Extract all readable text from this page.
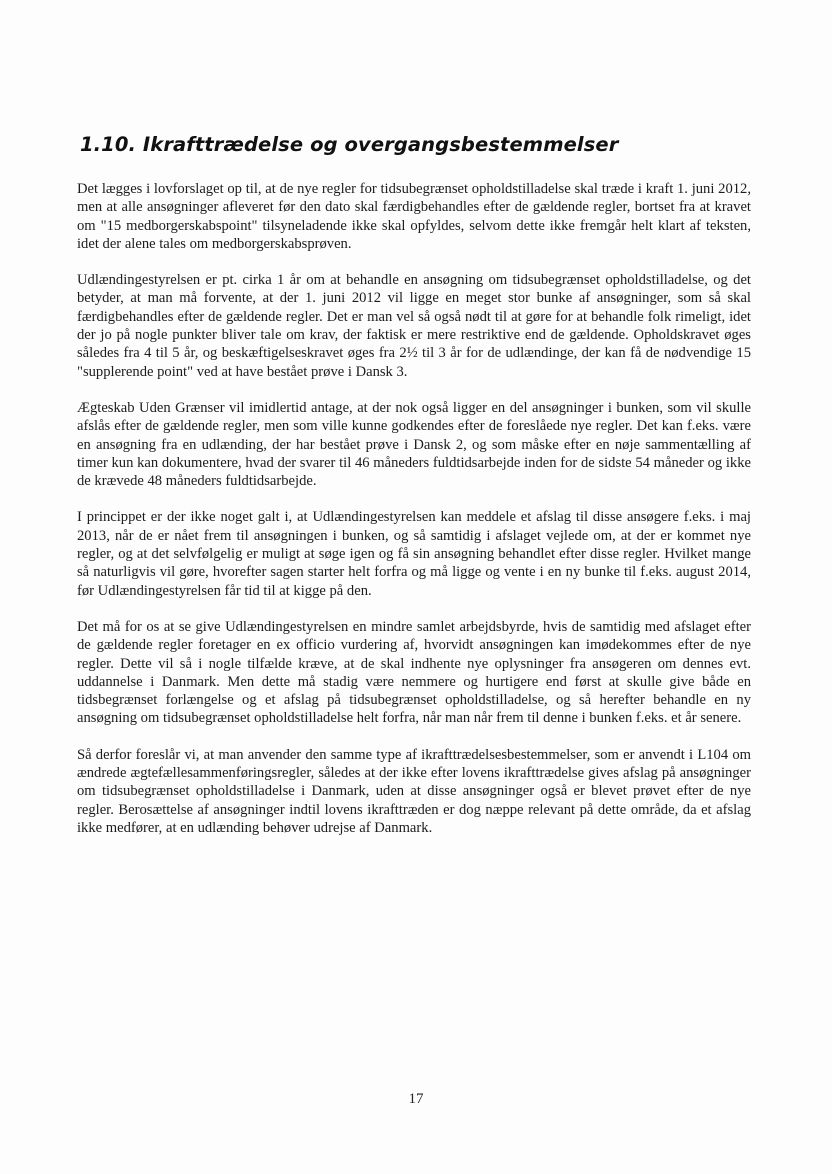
1.10. Ikrafttrædelse og overgangsbestemmelser

Det lægges i lovforslaget op til, at de nye regler for tidsubegrænset opholdstilladelse skal træde i kraft 1. juni 2012, men at alle ansøgninger afleveret før den dato skal færdigbehandles efter de gældende regler, bortset fra at kravet om "15 medborgerskabspoint" tilsyneladende ikke skal opfyldes, selvom dette ikke fremgår helt klart af teksten, idet der alene tales om medborgerskabsprøven.

Udlændingestyrelsen er pt. cirka 1 år om at behandle en ansøgning om tidsubegrænset opholdstilladelse, og det betyder, at man må forvente, at der 1. juni 2012 vil ligge en meget stor bunke af ansøgninger, som så skal færdigbehandles efter de gældende regler. Det er man vel så også nødt til at gøre for at behandle folk rimeligt, idet der jo på nogle punkter bliver tale om krav, der faktisk er mere restriktive end de gældende. Opholdskravet øges således fra 4 til 5 år, og beskæftigelseskravet øges fra 2½ til 3 år for de udlændinge, der kan få de nødvendige 15 "supplerende point" ved at have bestået prøve i Dansk 3.

Ægteskab Uden Grænser vil imidlertid antage, at der nok også ligger en del ansøgninger i bunken, som vil skulle afslås efter de gældende regler, men som ville kunne godkendes efter de foreslåede nye regler. Det kan f.eks. være en ansøgning fra en udlænding, der har bestået prøve i Dansk 2, og som måske efter en nøje sammentælling af timer kun kan dokumentere, hvad der svarer til 46 måneders fuldtidsarbejde inden for de sidste 54 måneder og ikke de krævede 48 måneders fuldtidsarbejde.

I princippet er der ikke noget galt i, at Udlændingestyrelsen kan meddele et afslag til disse ansøgere f.eks. i maj 2013, når de er nået frem til ansøgningen i bunken, og så samtidig i afslaget vejlede om, at der er kommet nye regler, og at det selvfølgelig er muligt at søge igen og få sin ansøgning behandlet efter disse regler. Hvilket mange så naturligvis vil gøre, hvorefter sagen starter helt forfra og må ligge og vente i en ny bunke til f.eks. august 2014, før Udlændingestyrelsen får tid til at kigge på den.

Det må for os at se give Udlændingestyrelsen en mindre samlet arbejdsbyrde, hvis de samtidig med afslaget efter de gældende regler foretager en ex officio vurdering af, hvorvidt ansøgningen kan imødekommes efter de nye regler. Dette vil så i nogle tilfælde kræve, at de skal indhente nye oplysninger fra ansøgeren om dennes evt. uddannelse i Danmark. Men dette må stadig være nemmere og hurtigere end først at skulle give både en tidsbegrænset forlængelse og et afslag på tidsubegrænset opholdstilladelse, og så herefter behandle en ny ansøgning om tidsubegrænset opholdstilladelse helt forfra, når man når frem til denne i bunken f.eks. et år senere.

Så derfor foreslår vi, at man anvender den samme type af ikrafttrædelsesbestemmelser, som er anvendt i L104 om ændrede ægtefællesammenføringsregler, således at der ikke efter lovens ikrafttrædelse gives afslag på ansøgninger om tidsubegrænset opholdstilladelse i Danmark, uden at disse ansøgninger også er blevet prøvet efter de nye regler. Berosættelse af ansøgninger indtil lovens ikrafttræden er dog næppe relevant på dette område, da et afslag ikke medfører, at en udlænding behøver udrejse af Danmark.

17
